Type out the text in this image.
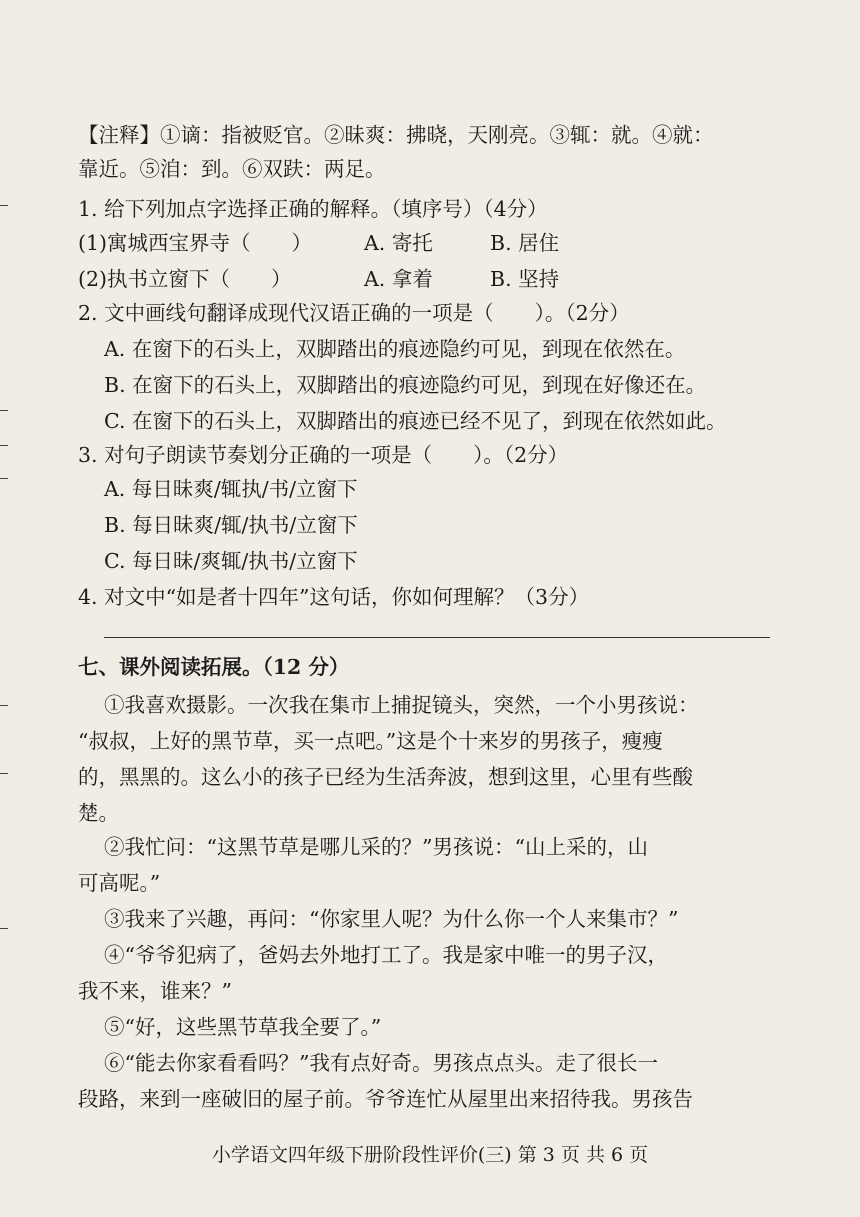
【注释】①谪：指被贬官。②昧爽：拂晓，天刚亮。③辄：就。④就：
靠近。⑤洎：到。⑥双趺：两足。
1. 给下列加点字选择正确的解释。（填序号）（4分）
(1)寓城西宝界寺（　　）	A. 寄托	B. 居住
(2)执书立窗下（　　）	A. 拿着	B. 坚持
2. 文中画线句翻译成现代汉语正确的一项是（　　）。（2分）
A. 在窗下的石头上，双脚踏出的痕迹隐约可见，到现在依然在。
B. 在窗下的石头上，双脚踏出的痕迹隐约可见，到现在好像还在。
C. 在窗下的石头上，双脚踏出的痕迹已经不见了，到现在依然如此。
3. 对句子朗读节奏划分正确的一项是（　　）。（2分）
A. 每日昧爽/辄执/书/立窗下
B. 每日昧爽/辄/执书/立窗下
C. 每日昧/爽辄/执书/立窗下
4. 对文中“如是者十四年”这句话，你如何理解？（3分）
七、课外阅读拓展。（12 分）
①我喜欢摄影。一次我在集市上捕捉镜头，突然，一个小男孩说：
“叔叔，上好的黑节草，买一点吧。”这是个十来岁的男孩子，瘦瘦
的，黑黑的。这么小的孩子已经为生活奔波，想到这里，心里有些酸
楚。
②我忙问：“这黑节草是哪儿采的？”男孩说：“山上采的，山
可高呢。”
③我来了兴趣，再问：“你家里人呢？为什么你一个人来集市？”
④“爷爷犯病了，爸妈去外地打工了。我是家中唯一的男子汉，
我不来，谁来？”
⑤“好，这些黑节草我全要了。”
⑥“能去你家看看吗？”我有点好奇。男孩点点头。走了很长一
段路，来到一座破旧的屋子前。爷爷连忙从屋里出来招待我。男孩告
小学语文四年级下册阶段性评价(三) 第 3 页 共 6 页
